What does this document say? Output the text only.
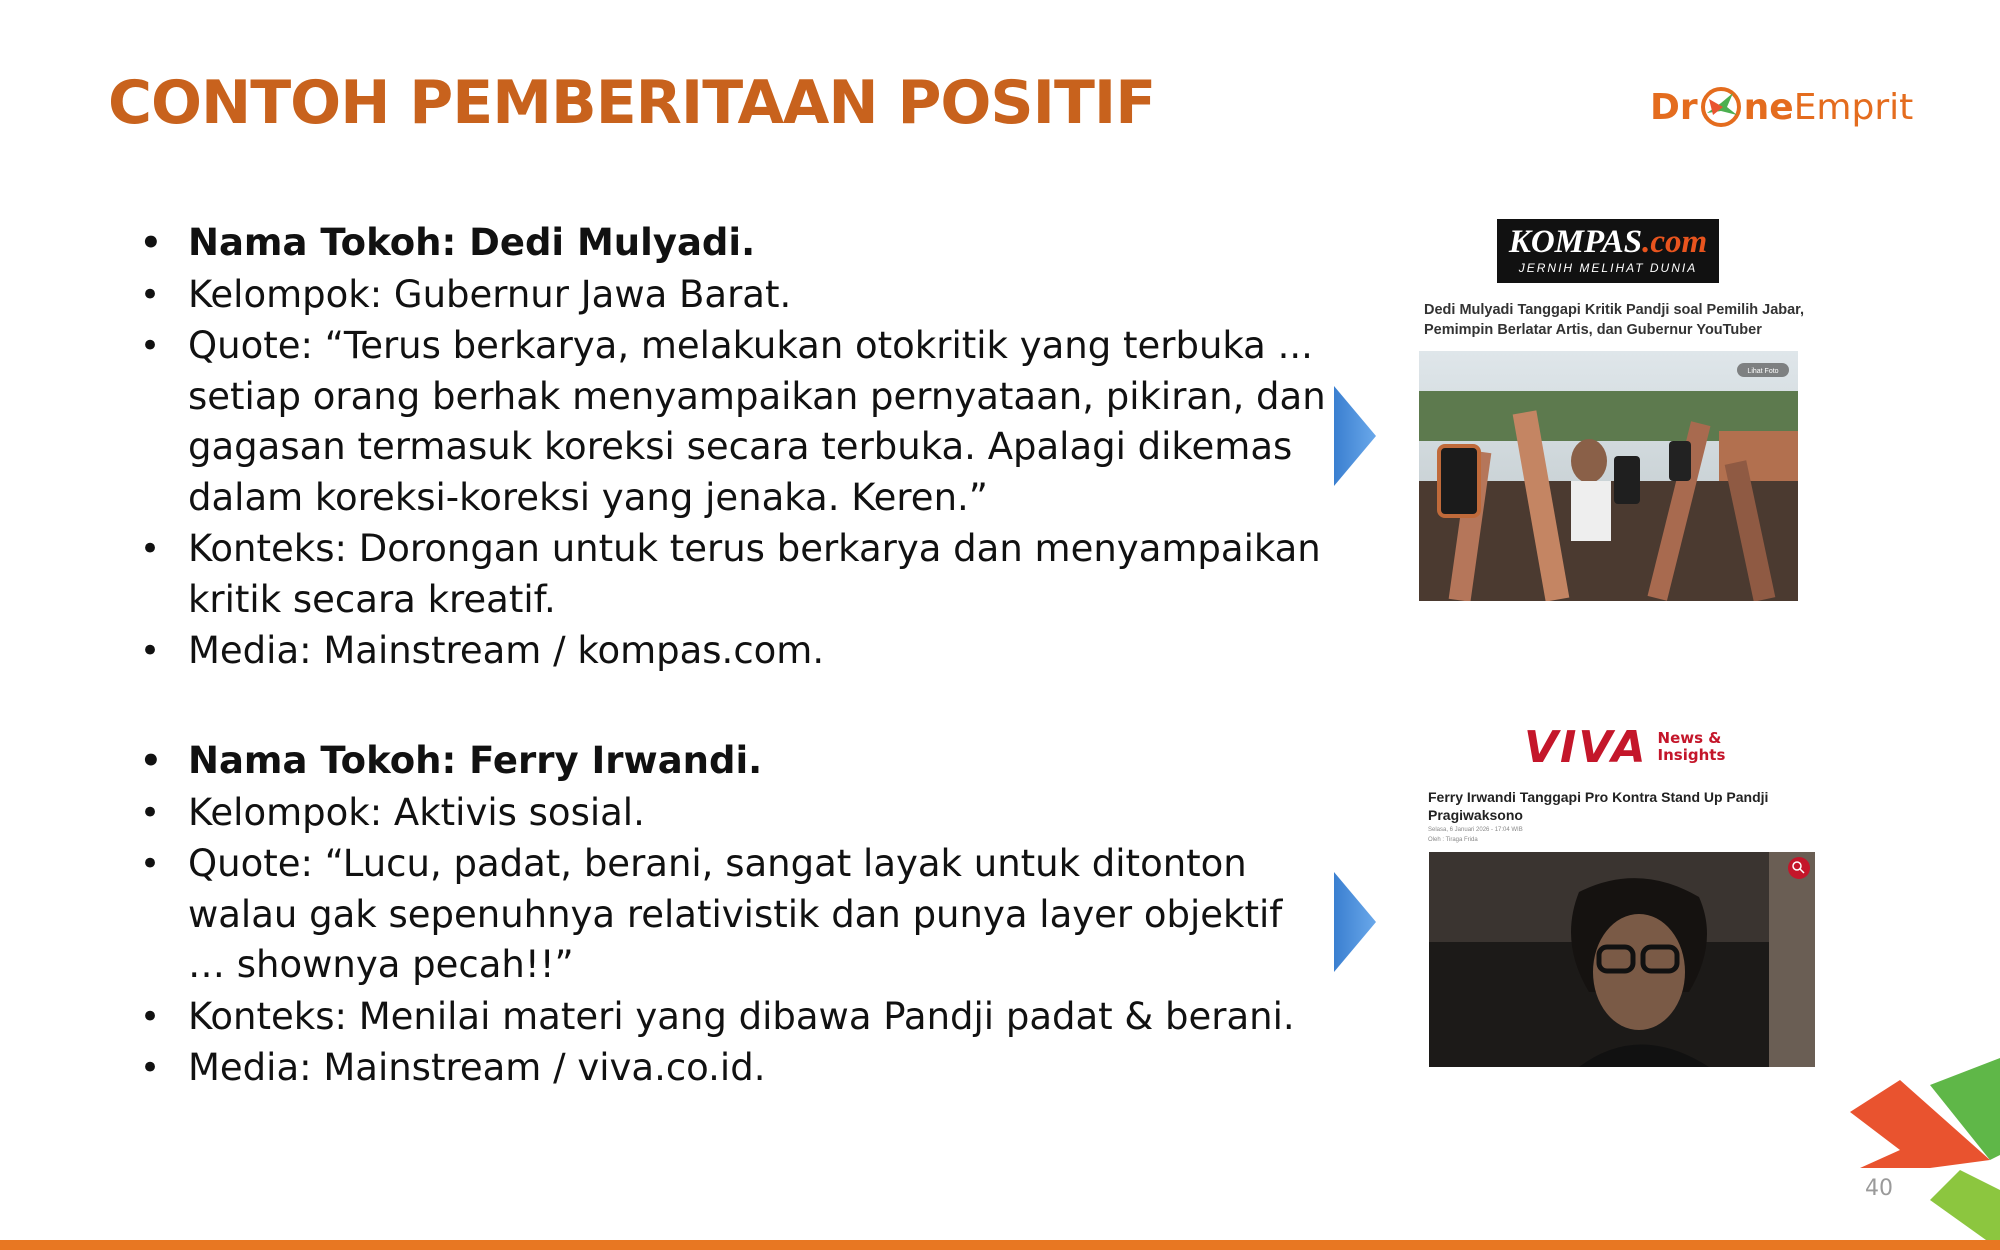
CONTOH PEMBERITAAN POSITIF	Dr ne Emprit
• Nama Tokoh: Dedi Mulyadi.
• Kelompok: Gubernur Jawa Barat.
• Quote: “Terus berkarya, melakukan otokritik yang terbuka ... setiap orang berhak menyampaikan pernyataan, pikiran, dan gagasan termasuk koreksi secara terbuka. Apalagi dikemas dalam koreksi-koreksi yang jenaka. Keren.”
• Konteks: Dorongan untuk terus berkarya dan menyampaikan kritik secara kreatif.
• Media: Mainstream / kompas.com.
• Nama Tokoh: Ferry Irwandi.
• Kelompok: Aktivis sosial.
• Quote: “Lucu, padat, berani, sangat layak untuk ditonton walau gak sepenuhnya relativistik dan punya layer objektif … shownya pecah!!”
• Konteks: Menilai materi yang dibawa Pandji padat & berani.
• Media: Mainstream / viva.co.id.
KOMPAS.com
JERNIH MELIHAT DUNIA

Dedi Mulyadi Tanggapi Kritik Pandji soal Pemilih Jabar, Pemimpin Berlatar Artis, dan Gubernur YouTuber

Lihat Foto
VIVA News &
Insights

Ferry Irwandi Tanggapi Pro Kontra Stand Up Pandji Pragiwaksono

Selasa, 6 Januari 2026 - 17:04 WIB
Oleh : Tiraga Frida
40
